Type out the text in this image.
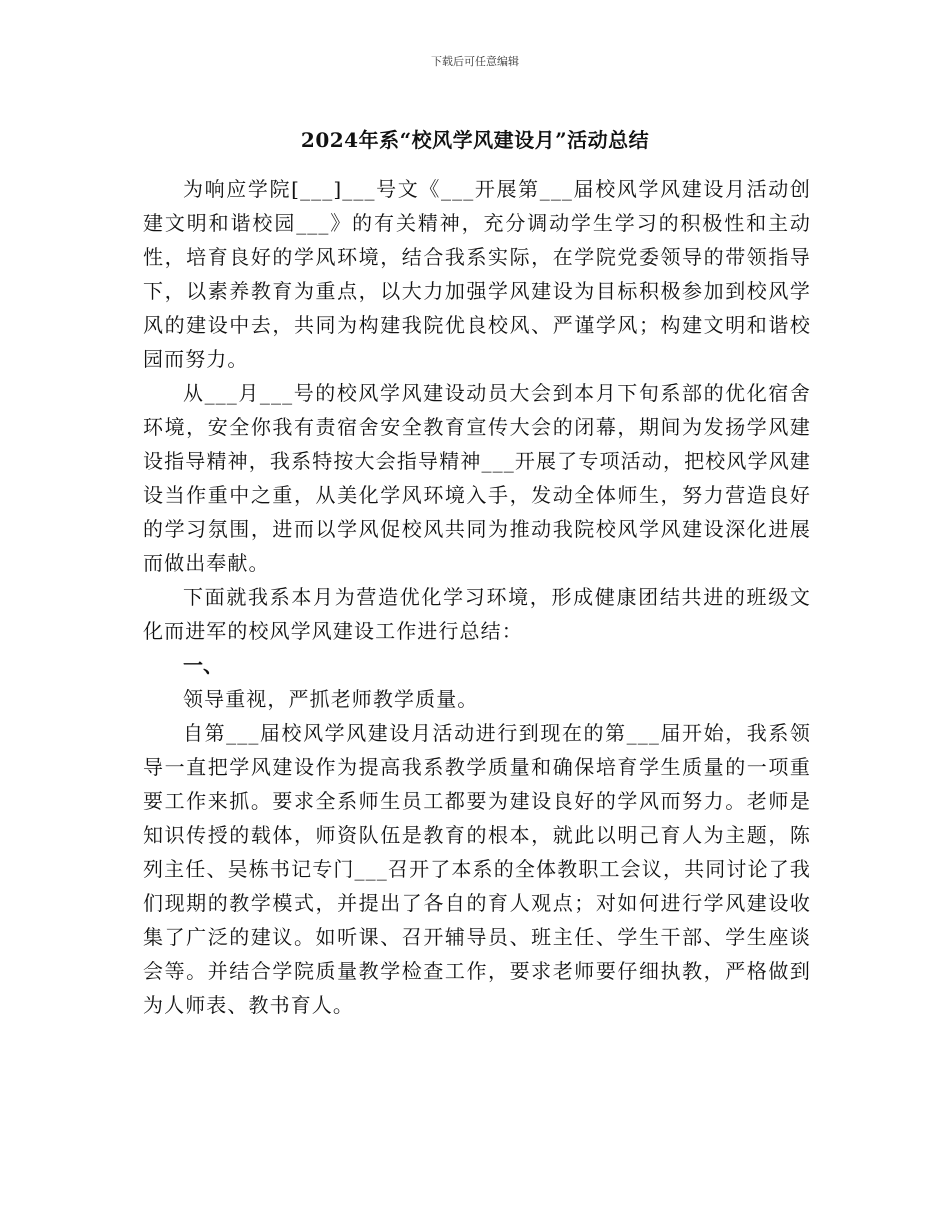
下载后可任意编辑
2024年系“校风学风建设月”活动总结

为响应学院[___]___号文《___开展第___届校风学风建设月活动创建文明和谐校园___》的有关精神，充分调动学生学习的积极性和主动性，培育良好的学风环境，结合我系实际，在学院党委领导的带领指导下，以素养教育为重点，以大力加强学风建设为目标积极参加到校风学风的建设中去，共同为构建我院优良校风、严谨学风；构建文明和谐校园而努力。

从___月___号的校风学风建设动员大会到本月下旬系部的优化宿舍环境，安全你我有责宿舍安全教育宣传大会的闭幕，期间为发扬学风建设指导精神，我系特按大会指导精神___开展了专项活动，把校风学风建设当作重中之重，从美化学风环境入手，发动全体师生，努力营造良好的学习氛围，进而以学风促校风共同为推动我院校风学风建设深化进展而做出奉献。

下面就我系本月为营造优化学习环境，形成健康团结共进的班级文化而进军的校风学风建设工作进行总结：

一、

领导重视，严抓老师教学质量。

自第___届校风学风建设月活动进行到现在的第___届开始，我系领导一直把学风建设作为提高我系教学质量和确保培育学生质量的一项重要工作来抓。要求全系师生员工都要为建设良好的学风而努力。老师是知识传授的载体，师资队伍是教育的根本，就此以明己育人为主题，陈列主任、吴栋书记专门___召开了本系的全体教职工会议，共同讨论了我们现期的教学模式，并提出了各自的育人观点；对如何进行学风建设收集了广泛的建议。如听课、召开辅导员、班主任、学生干部、学生座谈会等。并结合学院质量教学检查工作，要求老师要仔细执教，严格做到为人师表、教书育人。
